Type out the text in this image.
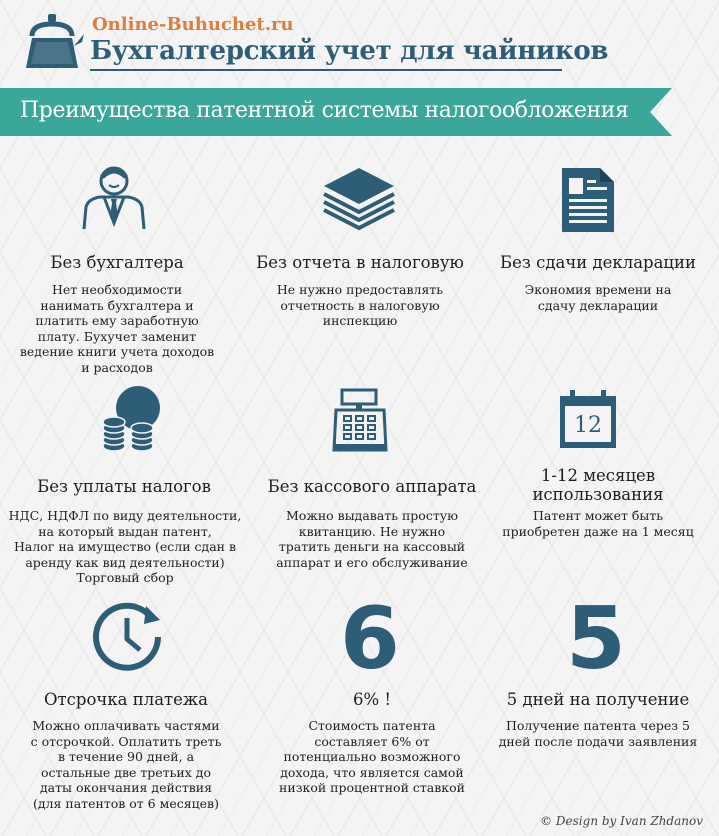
Online-Buhuchet.ru
Бухгалтерский учет для чайников
Преимущества патентной системы налогообложения
Без бухгалтера
Нет необходимости
нанимать бухгалтера и
платить ему заработную
плату. Бухучет заменит
ведение книги учета доходов
и расходов
Без отчета в налоговую
Не нужно предоставлять
отчетность в налоговую
инспекцию
Без сдачи декларации
Экономия времени на
сдачу декларации
Без уплаты налогов
НДС, НДФЛ по виду деятельности,
на который выдан патент,
Налог на имущество (если сдан в
аренду как вид деятельности)
Торговый сбор
Без кассового аппарата
Можно выдавать простую
квитанцию. Не нужно
тратить деньги на кассовый
аппарат и его обслуживание
12
1-12 месяцев
использования
Патент может быть
приобретен даже на 1 месяц
Отсрочка платежа
Можно оплачивать частями
с отсрочкой. Оплатить треть
в течение 90 дней, а
остальные две третьих до
даты окончания действия
(для патентов от 6 месяцев)
6
6% !
Стоимость патента
составляет 6% от
потенциально возможного
дохода, что является самой
низкой процентной ставкой
5
5 дней на получение
Получение патента через 5
дней после подачи заявления
© Design by Ivan Zhdanov
